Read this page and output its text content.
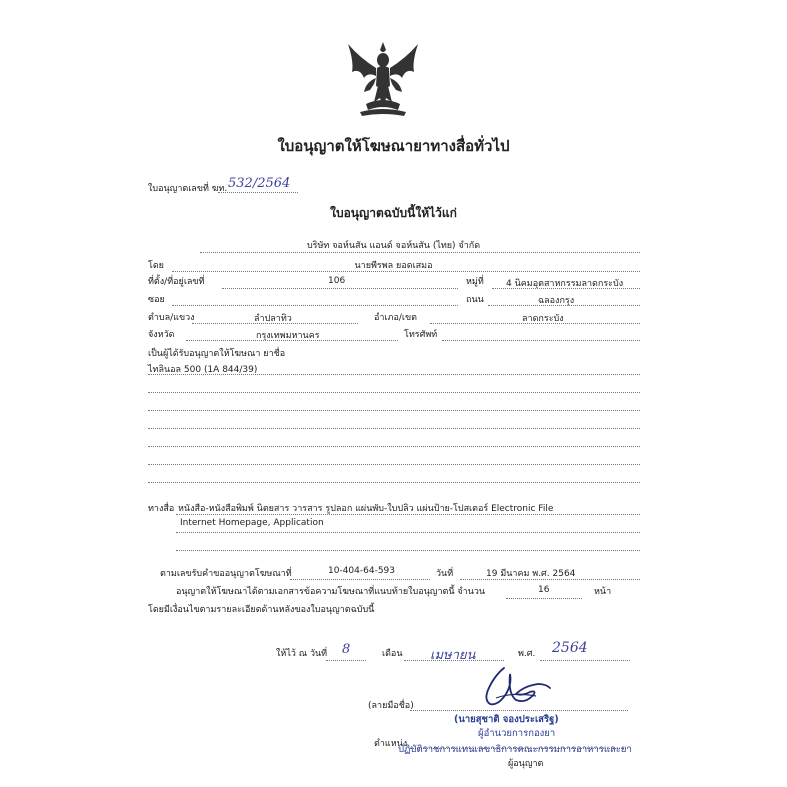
ใบอนุญาตให้โฆษณายาทางสื่อทั่วไป
ใบอนุญาตเลขที่ ฆท. 532/2564
ใบอนุญาตฉบับนี้ให้ไว้แก่
บริษัท จอห์นสัน แอนด์ จอห์นสัน (ไทย) จำกัด
โดย	นายพีรพล ยอดเสมอ
ที่ตั้ง/ที่อยู่เลขที่	106	หมู่ที่ 4 นิคมอุตสาหกรรมลาดกระบัง
ซอย	ถนน	ฉลองกรุง
ตำบล/แขวง	ลำปลาทิว	อำเภอ/เขต	ลาดกระบัง
จังหวัด	กรุงเทพมหานคร	โทรศัพท์
เป็นผู้ได้รับอนุญาตให้โฆษณา ยาชื่อ
ไทลินอล 500 (1A 844/39)
ทางสื่อ หนังสือ-หนังสือพิมพ์ นิตยสาร วารสาร รูปลอก แผ่นพับ-ใบปลิว แผ่นป้าย-โปสเตอร์ Electronic File
Internet Homepage, Application
ตามเลขรับคำขออนุญาตโฆษณาที่	10-404-64-593	วันที่	19 มีนาคม พ.ศ. 2564
อนุญาตให้โฆษณาได้ตามเอกสารข้อความโฆษณาที่แนบท้ายใบอนุญาตนี้ จำนวน	16	หน้า
โดยมีเงื่อนไขตามรายละเอียดด้านหลังของใบอนุญาตฉบับนี้
ให้ไว้ ณ วันที่ 8	เดือน เมษายน	พ.ศ. 2564
(ลายมือชื่อ)
(นายสุชาติ จองประเสริฐ)
ผู้อำนวยการกองยา
ตำแหน่ง
ปฏิบัติราชการแทนเลขาธิการคณะกรรมการอาหารและยา
ผู้อนุญาต
